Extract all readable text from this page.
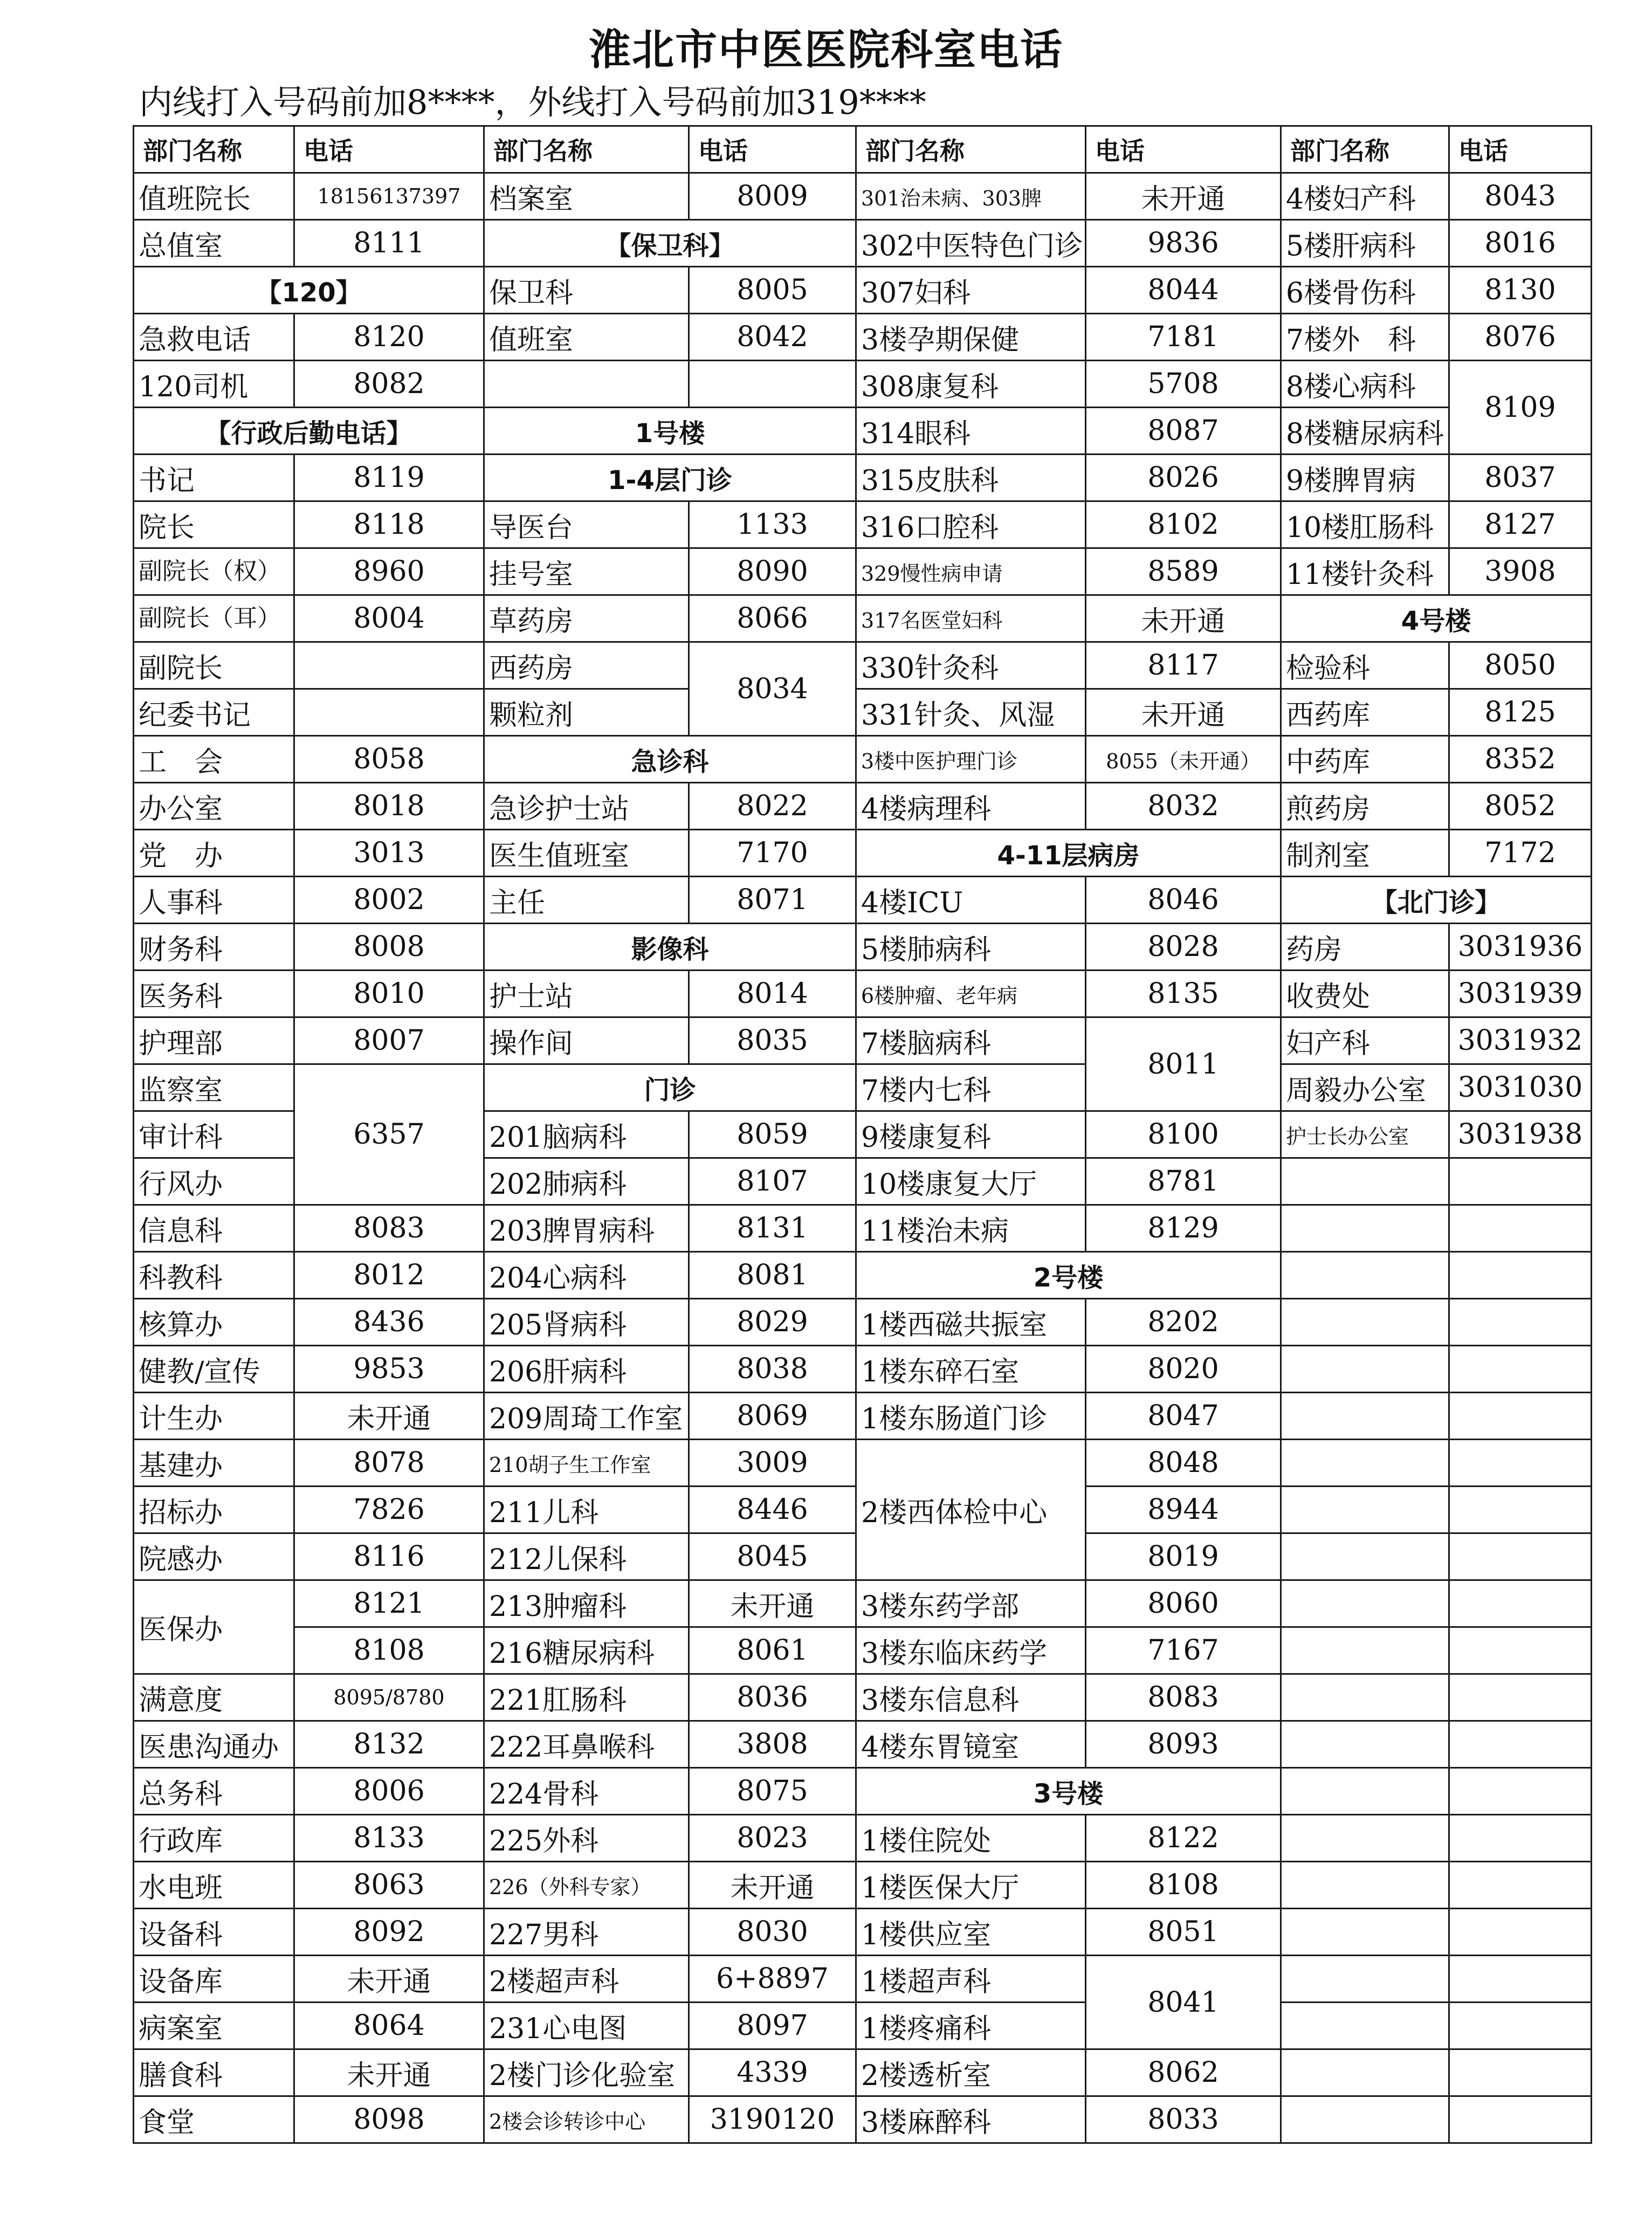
淮北市中医医院科室电话
内线打入号码前加8****，外线打入号码前加319****
部门名称	电话	部门名称	电话	部门名称	电话	部门名称	电话
值班院长	18156137397	档案室	8009	301治未病、303脾	未开通	4楼妇产科	8043
总值室	8111	【保卫科】		302中医特色门诊	9836	5楼肝病科	8016
【120】		保卫科	8005	307妇科	8044	6楼骨伤科	8130
急救电话	8120	值班室	8042	3楼孕期保健	7181	7楼外　科	8076
120司机	8082			308康复科	5708	8楼心病科	8109
【行政后勤电话】		1号楼		314眼科	8087	8楼糖尿病科	
书记	8119	1-4层门诊		315皮肤科	8026	9楼脾胃病	8037
院长	8118	导医台	1133	316口腔科	8102	10楼肛肠科	8127
副院长（权）	8960	挂号室	8090	329慢性病申请	8589	11楼针灸科	3908
副院长（耳）	8004	草药房	8066	317名医堂妇科	未开通	4号楼	
副院长		西药房	8034	330针灸科	8117	检验科	8050
纪委书记		颗粒剂		331针灸、风湿	未开通	西药库	8125
工　会	8058	急诊科		3楼中医护理门诊	8055（未开通）	中药库	8352
办公室	8018	急诊护士站	8022	4楼病理科	8032	煎药房	8052
党　办	3013	医生值班室	7170	4-11层病房		制剂室	7172
人事科	8002	主任	8071	4楼ICU	8046	【北门诊】	
财务科	8008	影像科		5楼肺病科	8028	药房	3031936
医务科	8010	护士站	8014	6楼肿瘤、老年病	8135	收费处	3031939
护理部	8007	操作间	8035	7楼脑病科	8011	妇产科	3031932
监察室	6357	门诊		7楼内七科		周毅办公室	3031030
审计科		201脑病科	8059	9楼康复科	8100	护士长办公室	3031938
行风办		202肺病科	8107	10楼康复大厅	8781		
信息科	8083	203脾胃病科	8131	11楼治未病	8129		
科教科	8012	204心病科	8081	2号楼			
核算办	8436	205肾病科	8029	1楼西磁共振室	8202		
健教/宣传	9853	206肝病科	8038	1楼东碎石室	8020		
计生办	未开通	209周琦工作室	8069	1楼东肠道门诊	8047		
基建办	8078	210胡子生工作室	3009	2楼西体检中心	8048		
招标办	7826	211儿科	8446		8944		
院感办	8116	212儿保科	8045		8019		
医保办	8121	213肿瘤科	未开通	3楼东药学部	8060		
	8108	216糖尿病科	8061	3楼东临床药学	7167		
满意度	8095/8780	221肛肠科	8036	3楼东信息科	8083		
医患沟通办	8132	222耳鼻喉科	3808	4楼东胃镜室	8093		
总务科	8006	224骨科	8075	3号楼			
行政库	8133	225外科	8023	1楼住院处	8122		
水电班	8063	226（外科专家）	未开通	1楼医保大厅	8108		
设备科	8092	227男科	8030	1楼供应室	8051		
设备库	未开通	2楼超声科	6+8897	1楼超声科	8041		
病案室	8064	231心电图	8097	1楼疼痛科			
膳食科	未开通	2楼门诊化验室	4339	2楼透析室	8062		
食堂	8098	2楼会诊转诊中心	3190120	3楼麻醉科	8033		
